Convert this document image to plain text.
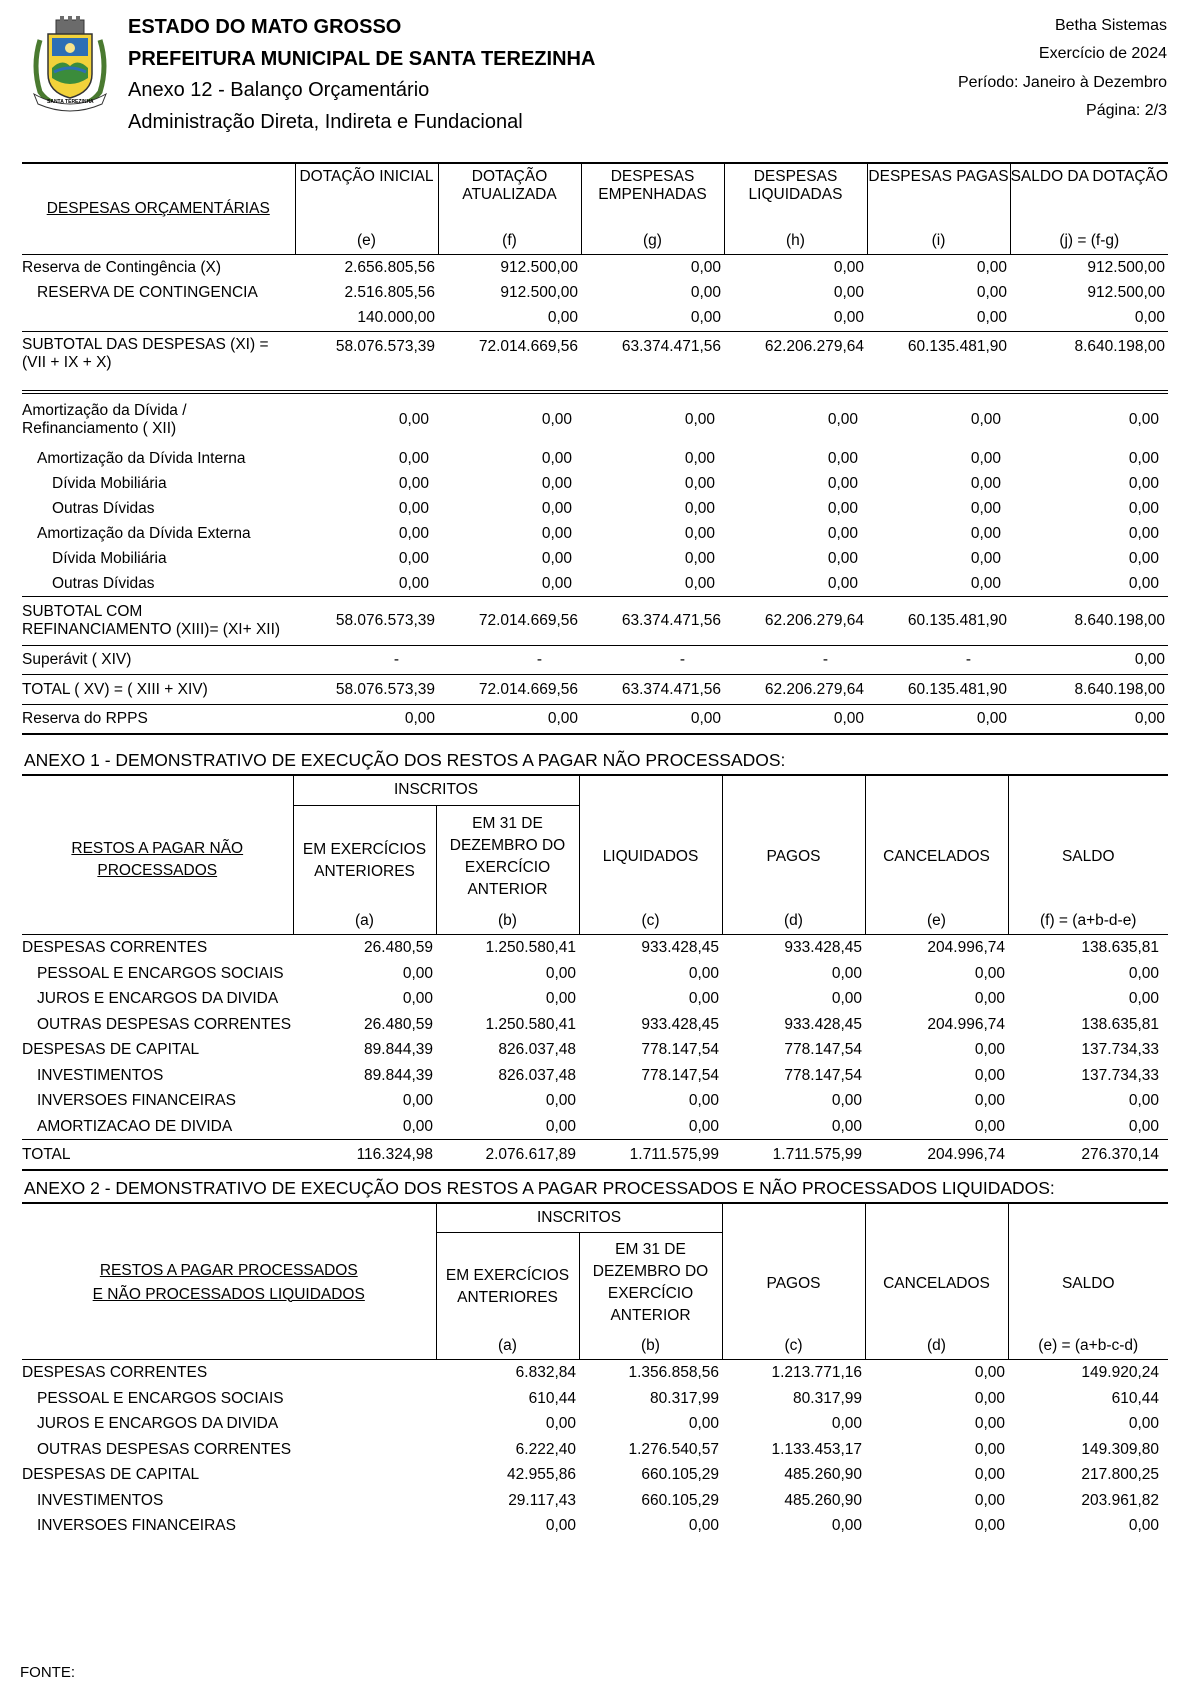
SANTA TEREZINHA
ESTADO DO MATO GROSSO
PREFEITURA MUNICIPAL DE SANTA TEREZINHA
Anexo 12 - Balanço Orçamentário
Administração Direta, Indireta e Fundacional
Betha Sistemas
Exercício de 2024
Período: Janeiro à Dezembro
Página: 2/3
DESPESAS ORÇAMENTÁRIAS	DOTAÇÃO INICIAL	DOTAÇÃO ATUALIZADA	DESPESAS EMPENHADAS	DESPESAS LIQUIDADAS	DESPESAS PAGAS	SALDO DA DOTAÇÃO
	(e)	(f)	(g)	(h)	(i)	(j) = (f-g)
Reserva de Contingência (X)	2.656.805,56	912.500,00	0,00	0,00	0,00	912.500,00
RESERVA DE CONTINGENCIA	2.516.805,56	912.500,00	0,00	0,00	0,00	912.500,00
	140.000,00	0,00	0,00	0,00	0,00	0,00
SUBTOTAL DAS DESPESAS (XI) = (VII + IX + X)	58.076.573,39	72.014.669,56	63.374.471,56	62.206.279,64	60.135.481,90	8.640.198,00
Amortização da Dívida / Refinanciamento ( XII)	0,00	0,00	0,00	0,00	0,00	0,00
Amortização da Dívida Interna	0,00	0,00	0,00	0,00	0,00	0,00
Dívida Mobiliária	0,00	0,00	0,00	0,00	0,00	0,00
Outras Dívidas	0,00	0,00	0,00	0,00	0,00	0,00
Amortização da Dívida Externa	0,00	0,00	0,00	0,00	0,00	0,00
Dívida Mobiliária	0,00	0,00	0,00	0,00	0,00	0,00
Outras Dívidas	0,00	0,00	0,00	0,00	0,00	0,00
SUBTOTAL COM REFINANCIAMENTO (XIII)= (XI+ XII)	58.076.573,39	72.014.669,56	63.374.471,56	62.206.279,64	60.135.481,90	8.640.198,00
Superávit ( XIV)	-	-	-	-	-	0,00
TOTAL ( XV) = ( XIII + XIV)	58.076.573,39	72.014.669,56	63.374.471,56	62.206.279,64	60.135.481,90	8.640.198,00
Reserva do RPPS	0,00	0,00	0,00	0,00	0,00	0,00
ANEXO 1 - DEMONSTRATIVO DE EXECUÇÃO DOS RESTOS A PAGAR NÃO PROCESSADOS:
RESTOS A PAGAR NÃO PROCESSADOS	INSCRITOS		LIQUIDADOS	PAGOS	CANCELADOS	SALDO
	EM EXERCÍCIOS ANTERIORES	EM 31 DE DEZEMBRO DO EXERCÍCIO ANTERIOR				
	(a)	(b)	(c)	(d)	(e)	(f) = (a+b-d-e)
DESPESAS CORRENTES	26.480,59	1.250.580,41	933.428,45	933.428,45	204.996,74	138.635,81
PESSOAL E ENCARGOS SOCIAIS	0,00	0,00	0,00	0,00	0,00	0,00
JUROS E ENCARGOS DA DIVIDA	0,00	0,00	0,00	0,00	0,00	0,00
OUTRAS DESPESAS CORRENTES	26.480,59	1.250.580,41	933.428,45	933.428,45	204.996,74	138.635,81
DESPESAS DE CAPITAL	89.844,39	826.037,48	778.147,54	778.147,54	0,00	137.734,33
INVESTIMENTOS	89.844,39	826.037,48	778.147,54	778.147,54	0,00	137.734,33
INVERSOES FINANCEIRAS	0,00	0,00	0,00	0,00	0,00	0,00
AMORTIZACAO DE DIVIDA	0,00	0,00	0,00	0,00	0,00	0,00
TOTAL	116.324,98	2.076.617,89	1.711.575,99	1.711.575,99	204.996,74	276.370,14
ANEXO 2 - DEMONSTRATIVO DE EXECUÇÃO DOS RESTOS A PAGAR PROCESSADOS E NÃO PROCESSADOS LIQUIDADOS:
RESTOS A PAGAR PROCESSADOS
E NÃO PROCESSADOS LIQUIDADOS	INSCRITOS		PAGOS	CANCELADOS	SALDO
	EM EXERCÍCIOS ANTERIORES	EM 31 DE DEZEMBRO DO EXERCÍCIO ANTERIOR			
	(a)	(b)	(c)	(d)	(e) = (a+b-c-d)
DESPESAS CORRENTES	6.832,84	1.356.858,56	1.213.771,16	0,00	149.920,24
PESSOAL E ENCARGOS SOCIAIS	610,44	80.317,99	80.317,99	0,00	610,44
JUROS E ENCARGOS DA DIVIDA	0,00	0,00	0,00	0,00	0,00
OUTRAS DESPESAS CORRENTES	6.222,40	1.276.540,57	1.133.453,17	0,00	149.309,80
DESPESAS DE CAPITAL	42.955,86	660.105,29	485.260,90	0,00	217.800,25
INVESTIMENTOS	29.117,43	660.105,29	485.260,90	0,00	203.961,82
INVERSOES FINANCEIRAS	0,00	0,00	0,00	0,00	0,00
FONTE:
